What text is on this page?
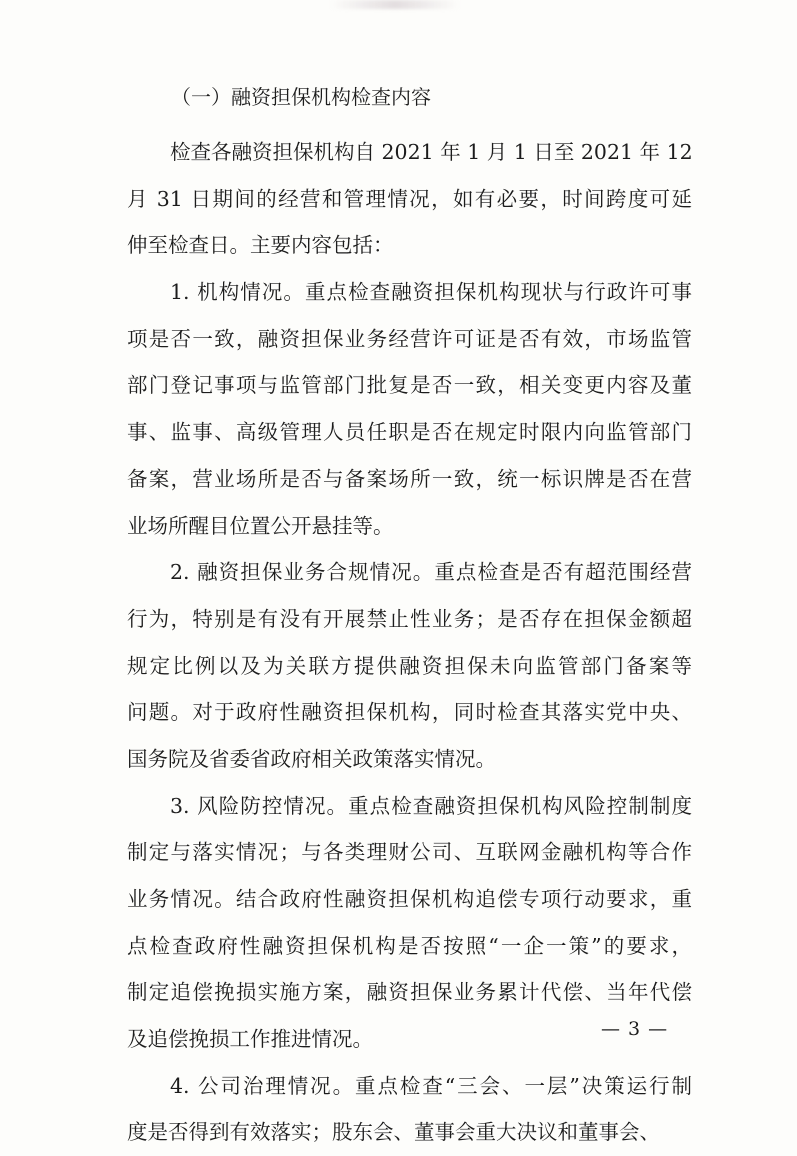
（一）融资担保机构检查内容
检查各融资担保机构自 2021 年 1 月 1 日至 2021 年 12
月 31 日期间的经营和管理情况，如有必要，时间跨度可延
伸至检查日。主要内容包括：
1. 机构情况。重点检查融资担保机构现状与行政许可事
项是否一致，融资担保业务经营许可证是否有效，市场监管
部门登记事项与监管部门批复是否一致，相关变更内容及董
事、监事、高级管理人员任职是否在规定时限内向监管部门
备案，营业场所是否与备案场所一致，统一标识牌是否在营
业场所醒目位置公开悬挂等。
2. 融资担保业务合规情况。重点检查是否有超范围经营
行为，特别是有没有开展禁止性业务；是否存在担保金额超
规定比例以及为关联方提供融资担保未向监管部门备案等
问题。对于政府性融资担保机构，同时检查其落实党中央、
国务院及省委省政府相关政策落实情况。
3. 风险防控情况。重点检查融资担保机构风险控制制度
制定与落实情况；与各类理财公司、互联网金融机构等合作
业务情况。结合政府性融资担保机构追偿专项行动要求，重
点检查政府性融资担保机构是否按照“一企一策”的要求，
制定追偿挽损实施方案，融资担保业务累计代偿、当年代偿
及追偿挽损工作推进情况。
4. 公司治理情况。重点检查“三会、一层”决策运行制
度是否得到有效落实；股东会、董事会重大决议和董事会、
— 3 —
